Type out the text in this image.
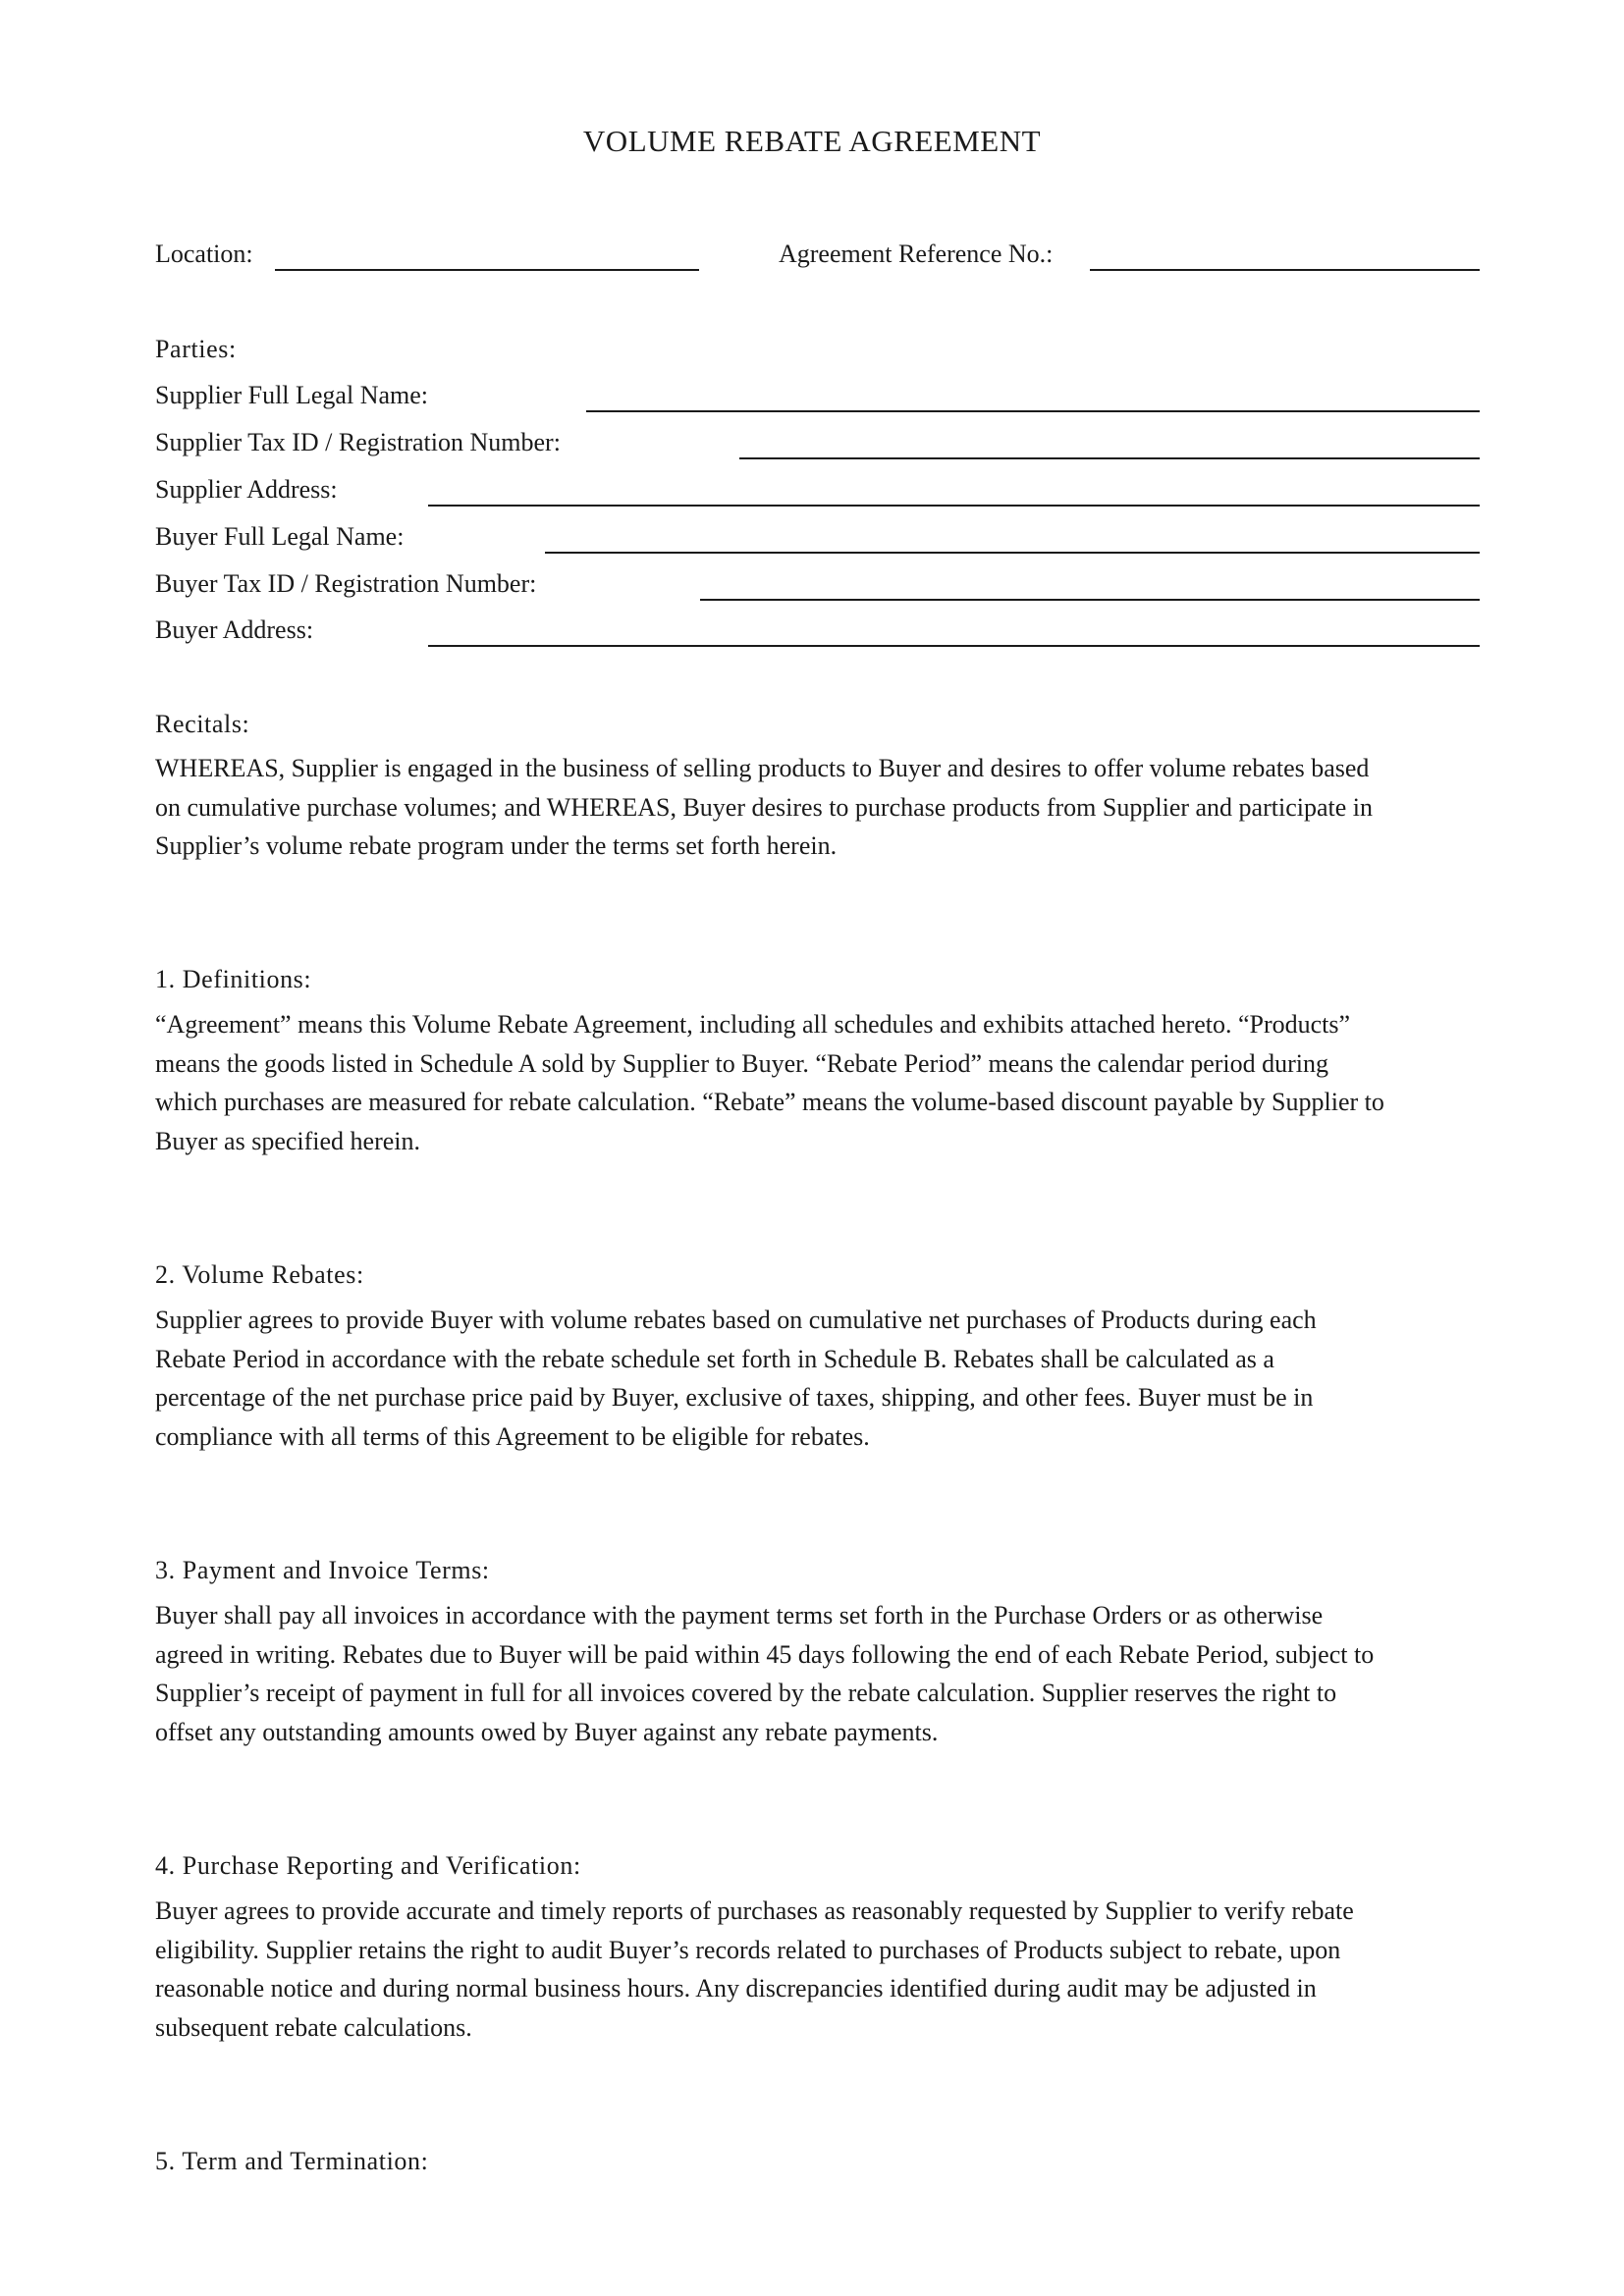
VOLUME REBATE AGREEMENT
Location:	Agreement Reference No.:
Parties:
Supplier Full Legal Name:
Supplier Tax ID / Registration Number:
Supplier Address:
Buyer Full Legal Name:
Buyer Tax ID / Registration Number:
Buyer Address:
Recitals:
WHEREAS, Supplier is engaged in the business of selling products to Buyer and desires to offer volume rebates based
on cumulative purchase volumes; and WHEREAS, Buyer desires to purchase products from Supplier and participate in
Supplier’s volume rebate program under the terms set forth herein.
1. Definitions:
“Agreement” means this Volume Rebate Agreement, including all schedules and exhibits attached hereto. “Products”
means the goods listed in Schedule A sold by Supplier to Buyer. “Rebate Period” means the calendar period during
which purchases are measured for rebate calculation. “Rebate” means the volume-based discount payable by Supplier to
Buyer as specified herein.
2. Volume Rebates:
Supplier agrees to provide Buyer with volume rebates based on cumulative net purchases of Products during each
Rebate Period in accordance with the rebate schedule set forth in Schedule B. Rebates shall be calculated as a
percentage of the net purchase price paid by Buyer, exclusive of taxes, shipping, and other fees. Buyer must be in
compliance with all terms of this Agreement to be eligible for rebates.
3. Payment and Invoice Terms:
Buyer shall pay all invoices in accordance with the payment terms set forth in the Purchase Orders or as otherwise
agreed in writing. Rebates due to Buyer will be paid within 45 days following the end of each Rebate Period, subject to
Supplier’s receipt of payment in full for all invoices covered by the rebate calculation. Supplier reserves the right to
offset any outstanding amounts owed by Buyer against any rebate payments.
4. Purchase Reporting and Verification:
Buyer agrees to provide accurate and timely reports of purchases as reasonably requested by Supplier to verify rebate
eligibility. Supplier retains the right to audit Buyer’s records related to purchases of Products subject to rebate, upon
reasonable notice and during normal business hours. Any discrepancies identified during audit may be adjusted in
subsequent rebate calculations.
5. Term and Termination:
